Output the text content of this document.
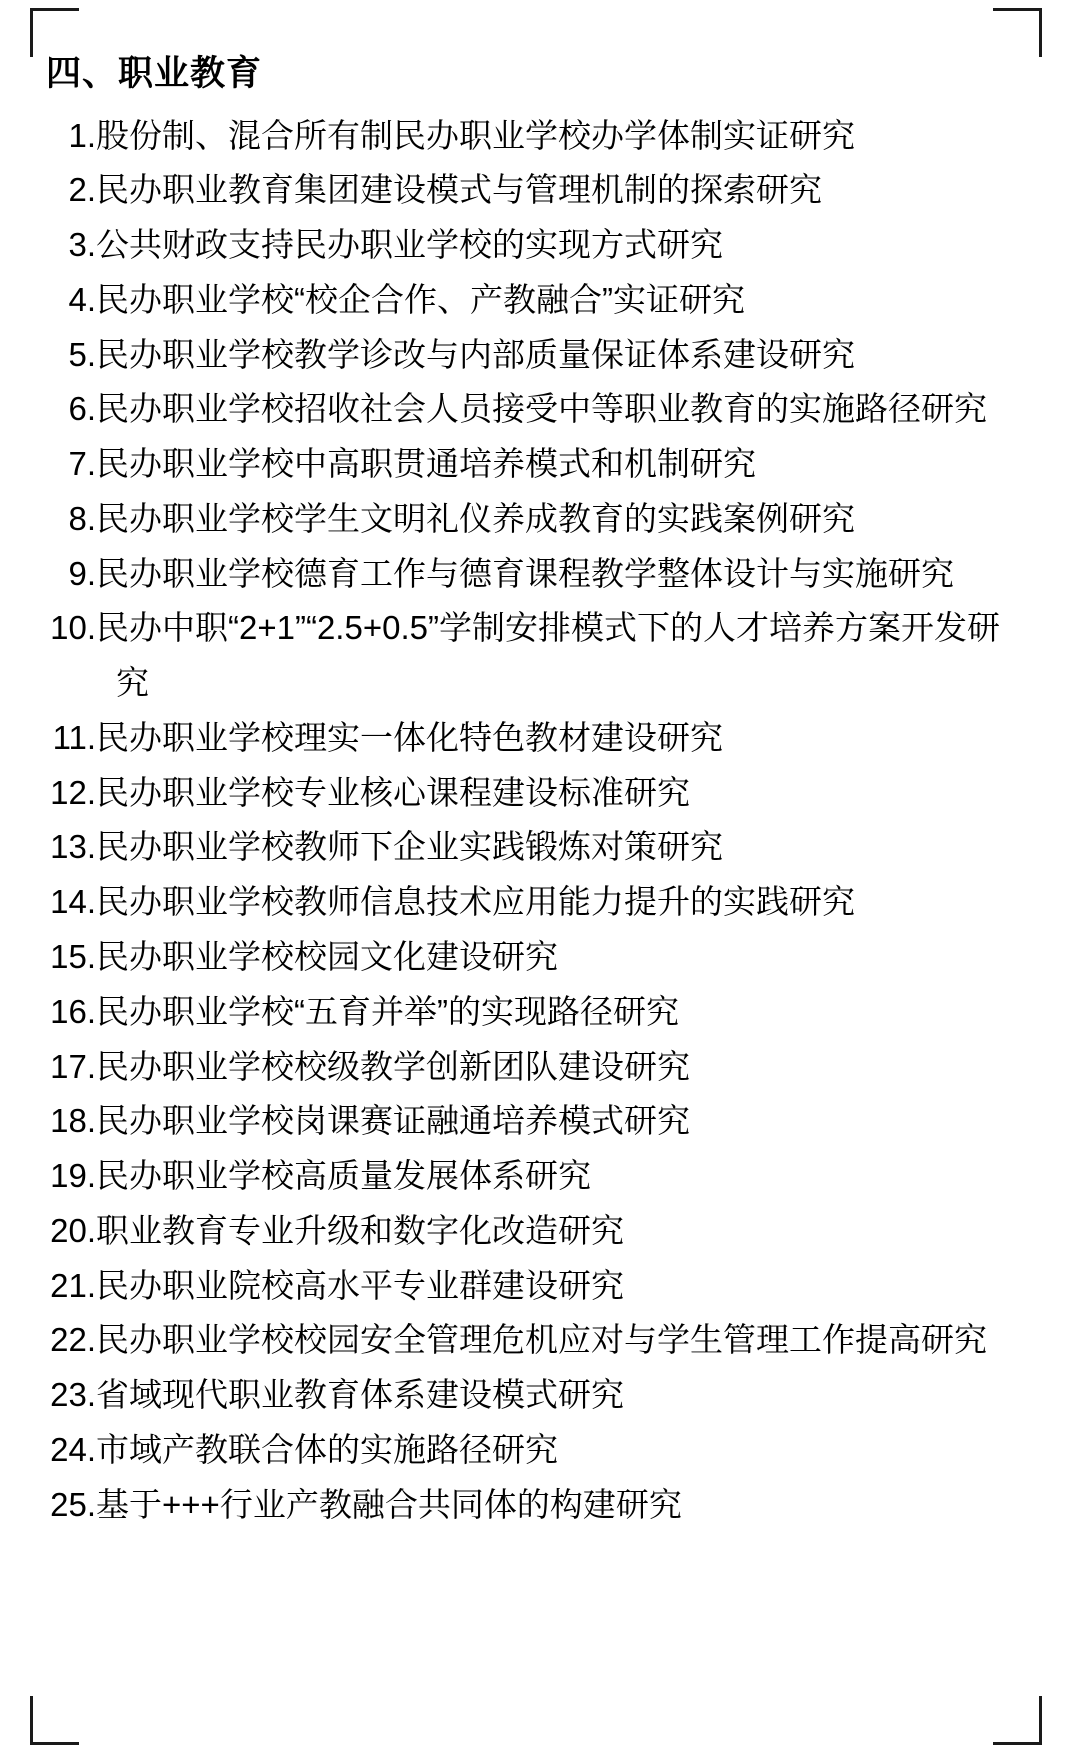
四、职业教育
1.股份制、混合所有制民办职业学校办学体制实证研究
2.民办职业教育集团建设模式与管理机制的探索研究
3.公共财政支持民办职业学校的实现方式研究
4.民办职业学校“校企合作、产教融合”实证研究
5.民办职业学校教学诊改与内部质量保证体系建设研究
6.民办职业学校招收社会人员接受中等职业教育的实施路径研究
7.民办职业学校中高职贯通培养模式和机制研究
8.民办职业学校学生文明礼仪养成教育的实践案例研究
9.民办职业学校德育工作与德育课程教学整体设计与实施研究
10.民办中职“2+1”“2.5+0.5”学制安排模式下的人才培养方案开发研
究
11.民办职业学校理实一体化特色教材建设研究
12.民办职业学校专业核心课程建设标准研究
13.民办职业学校教师下企业实践锻炼对策研究
14.民办职业学校教师信息技术应用能力提升的实践研究
15.民办职业学校校园文化建设研究
16.民办职业学校“五育并举”的实现路径研究
17.民办职业学校校级教学创新团队建设研究
18.民办职业学校岗课赛证融通培养模式研究
19.民办职业学校高质量发展体系研究
20.职业教育专业升级和数字化改造研究
21.民办职业院校高水平专业群建设研究
22.民办职业学校校园安全管理危机应对与学生管理工作提高研究
23.省域现代职业教育体系建设模式研究
24.市域产教联合体的实施路径研究
25.基于+++行业产教融合共同体的构建研究
